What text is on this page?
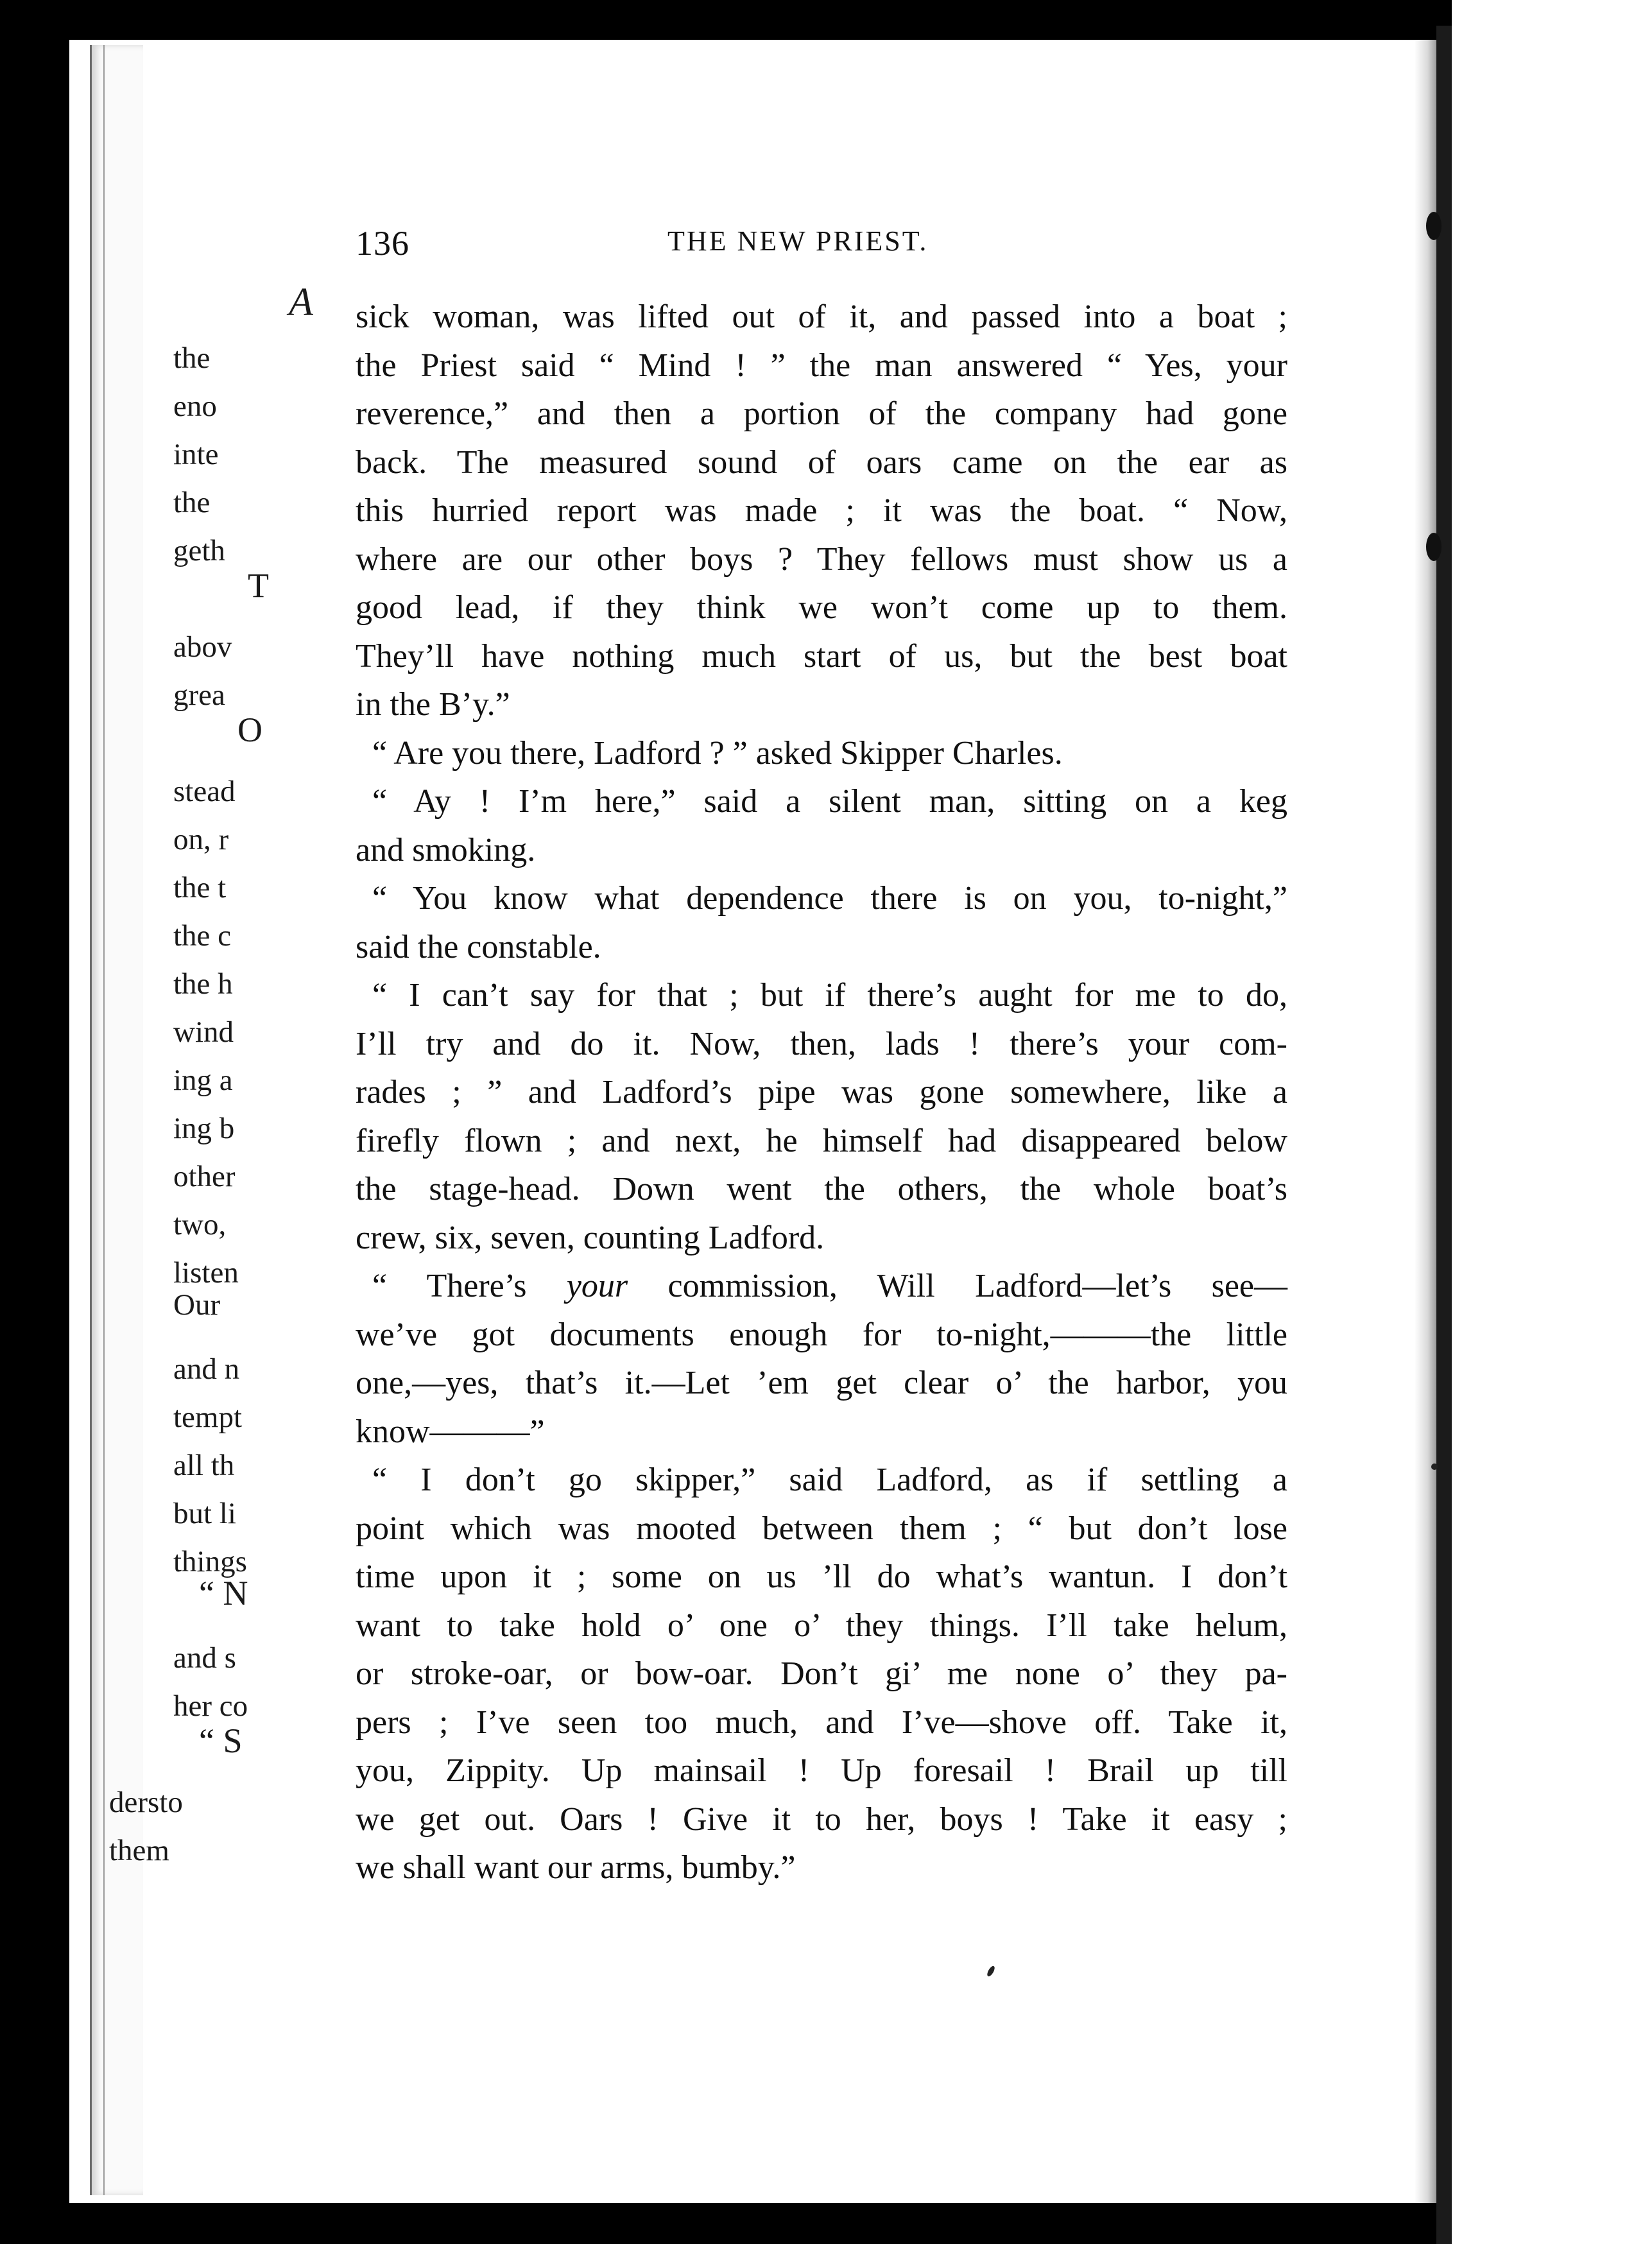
136	THE NEW PRIEST.
sick woman, was lifted out of it, and passed into a boat ;
the Priest said “ Mind ! ” the man answered “ Yes, your
reverence,” and then a portion of the company had gone
back. The measured sound of oars came on the ear as
this hurried report was made ; it was the boat. “ Now,
where are our other boys ? They fellows must show us a
good lead, if they think we won’t come up to them.
They’ll have nothing much start of us, but the best boat
in the B’y.”
“ Are you there, Ladford ? ” asked Skipper Charles.
“ Ay ! I’m here,” said a silent man, sitting on a keg
and smoking.
“ You know what dependence there is on you, to-night,”
said the constable.
“ I can’t say for that ; but if there’s aught for me to do,
I’ll try and do it. Now, then, lads ! there’s your com-
rades ; ” and Ladford’s pipe was gone somewhere, like a
firefly flown ; and next, he himself had disappeared below
the stage-head. Down went the others, the whole boat’s
crew, six, seven, counting Ladford.
“ There’s your commission, Will Ladford—let’s see—
we’ve got documents enough for to-night,———the little
one,—yes, that’s it.—Let ’em get clear o’ the harbor, you
know———”
“ I don’t go skipper,” said Ladford, as if settling a
point which was mooted between them ; “ but don’t lose
time upon it ; some on us ’ll do what’s wantun. I don’t
want to take hold o’ one o’ they things. I’ll take helum,
or stroke-oar, or bow-oar. Don’t gi’ me none o’ they pa-
pers ; I’ve seen too much, and I’ve—shove off. Take it,
you, Zippity. Up mainsail ! Up foresail ! Brail up till
we get out. Oars ! Give it to her, boys ! Take it easy ;
we shall want our arms, bumby.”
A
the
eno
inte
the
geth
T
abov
grea
O
stead
on, r
the t
the c
the h
wind
ing a
ing b
other
two,
listen
Our
and n
tempt
all th
but li
things
“ N
and s
her co
“ S
dersto
them
